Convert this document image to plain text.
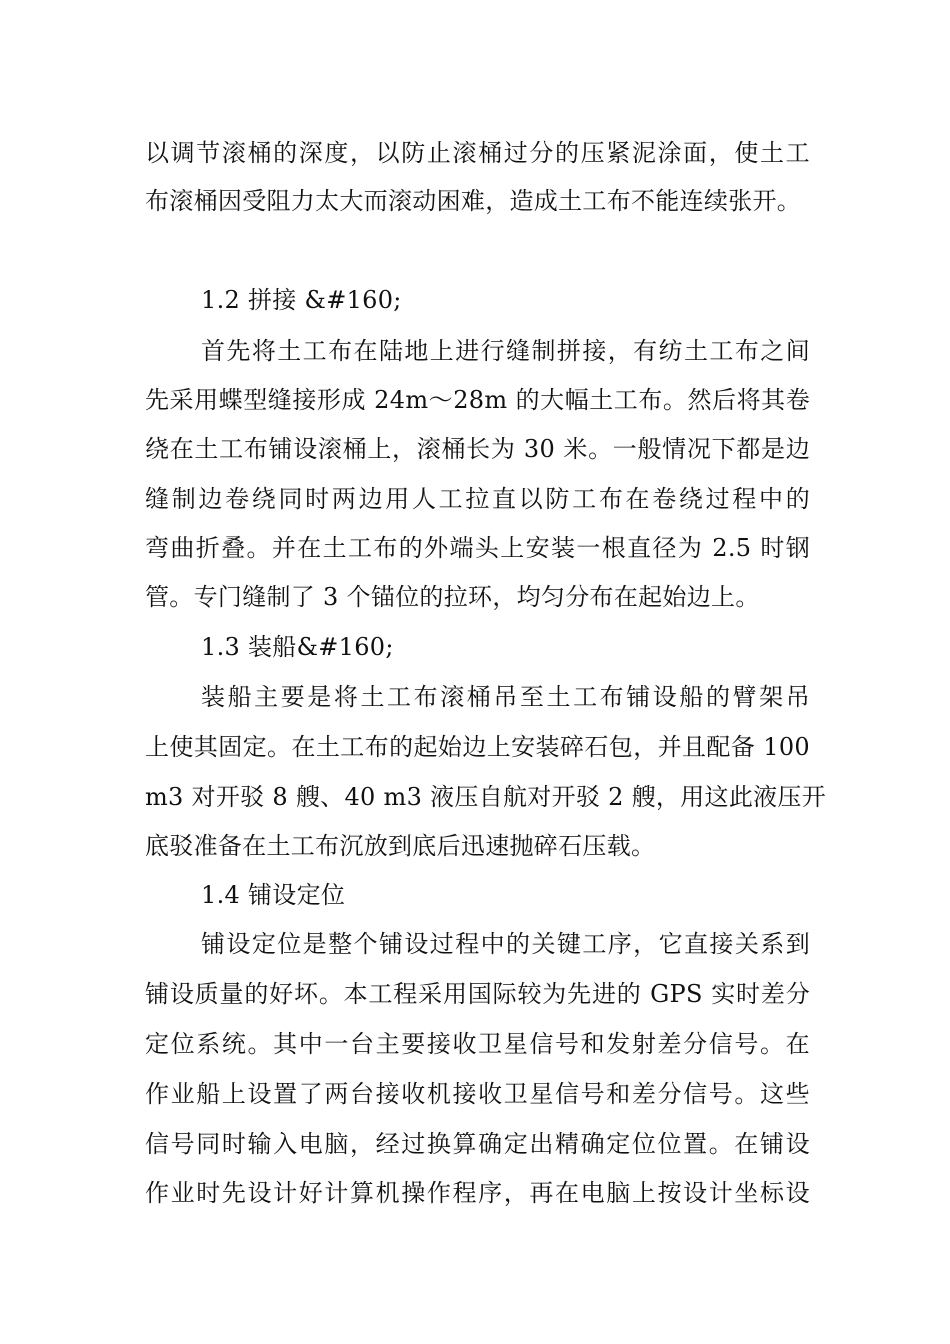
以调节滚桶的深度，以防止滚桶过分的压紧泥涂面，使土工
布滚桶因受阻力太大而滚动困难，造成土工布不能连续张开。
1.2 拼接 &#160;
首先将土工布在陆地上进行缝制拼接，有纺土工布之间
先采用蝶型缝接形成 24m～28m 的大幅土工布。然后将其卷
绕在土工布铺设滚桶上，滚桶长为 30 米。一般情况下都是边
缝制边卷绕同时两边用人工拉直以防工布在卷绕过程中的
弯曲折叠。并在土工布的外端头上安装一根直径为 2.5 时钢
管。专门缝制了 3 个锚位的拉环，均匀分布在起始边上。
1.3 装船&#160;
装船主要是将土工布滚桶吊至土工布铺设船的臂架吊
上使其固定。在土工布的起始边上安装碎石包，并且配备 100
m3 对开驳 8 艘、40 m3 液压自航对开驳 2 艘，用这此液压开
底驳准备在土工布沉放到底后迅速抛碎石压载。
1.4 铺设定位
铺设定位是整个铺设过程中的关键工序，它直接关系到
铺设质量的好坏。本工程采用国际较为先进的 GPS 实时差分
定位系统。其中一台主要接收卫星信号和发射差分信号。在
作业船上设置了两台接收机接收卫星信号和差分信号。这些
信号同时输入电脑，经过换算确定出精确定位位置。在铺设
作业时先设计好计算机操作程序，再在电脑上按设计坐标设
